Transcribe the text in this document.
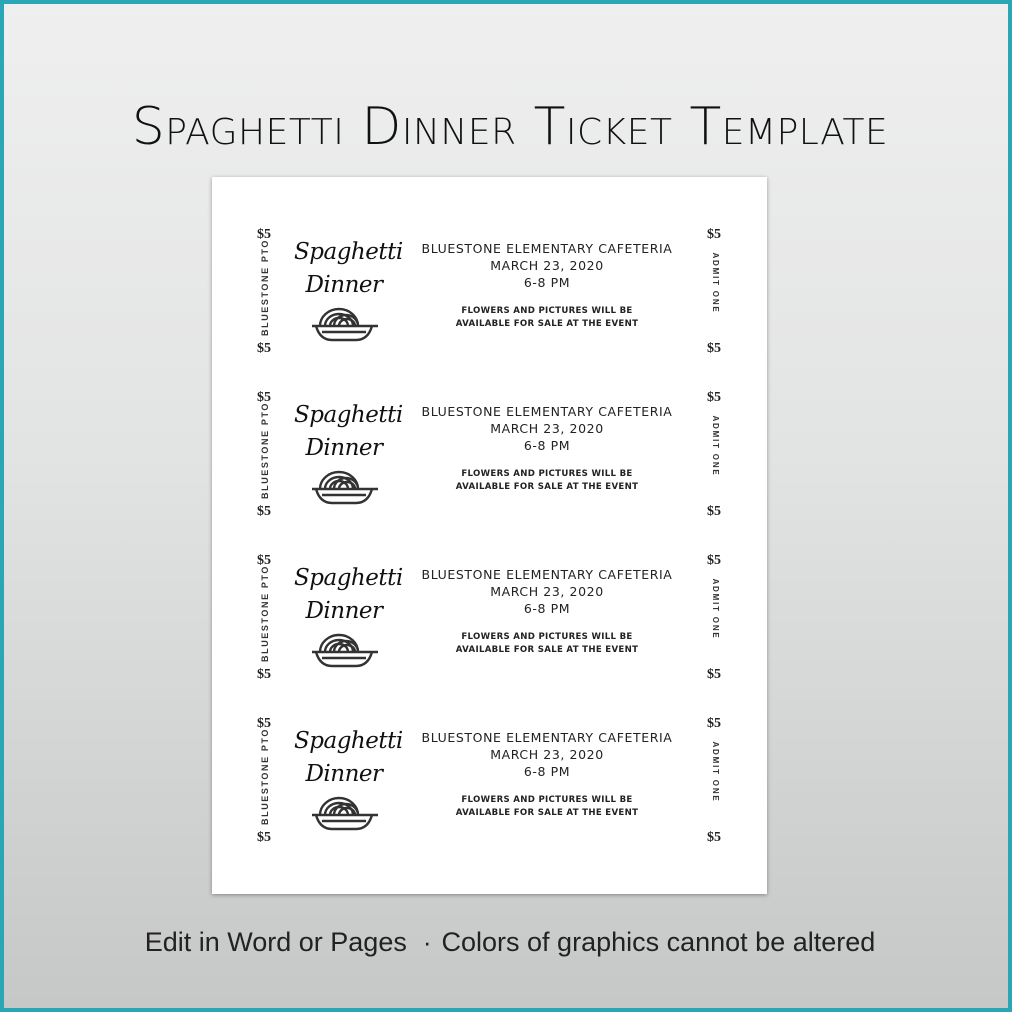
Spaghetti Dinner Ticket Template
$5
$5
$5
$5
BLUESTONE PTO	ADMIT ONE
Spaghetti
Dinner
BLUESTONE ELEMENTARY CAFETERIA
MARCH 23, 2020
6-8 PM
FLOWERS AND PICTURES WILL BE
AVAILABLE FOR SALE AT THE EVENT
$5
$5
$5
$5
BLUESTONE PTO	ADMIT ONE
Spaghetti
Dinner
BLUESTONE ELEMENTARY CAFETERIA
MARCH 23, 2020
6-8 PM
FLOWERS AND PICTURES WILL BE
AVAILABLE FOR SALE AT THE EVENT
$5
$5
$5
$5
BLUESTONE PTO	ADMIT ONE
Spaghetti
Dinner
BLUESTONE ELEMENTARY CAFETERIA
MARCH 23, 2020
6-8 PM
FLOWERS AND PICTURES WILL BE
AVAILABLE FOR SALE AT THE EVENT
$5
$5
$5
$5
BLUESTONE PTO	ADMIT ONE
Spaghetti
Dinner
BLUESTONE ELEMENTARY CAFETERIA
MARCH 23, 2020
6-8 PM
FLOWERS AND PICTURES WILL BE
AVAILABLE FOR SALE AT THE EVENT
Edit in Word or Pages · Colors of graphics cannot be altered
